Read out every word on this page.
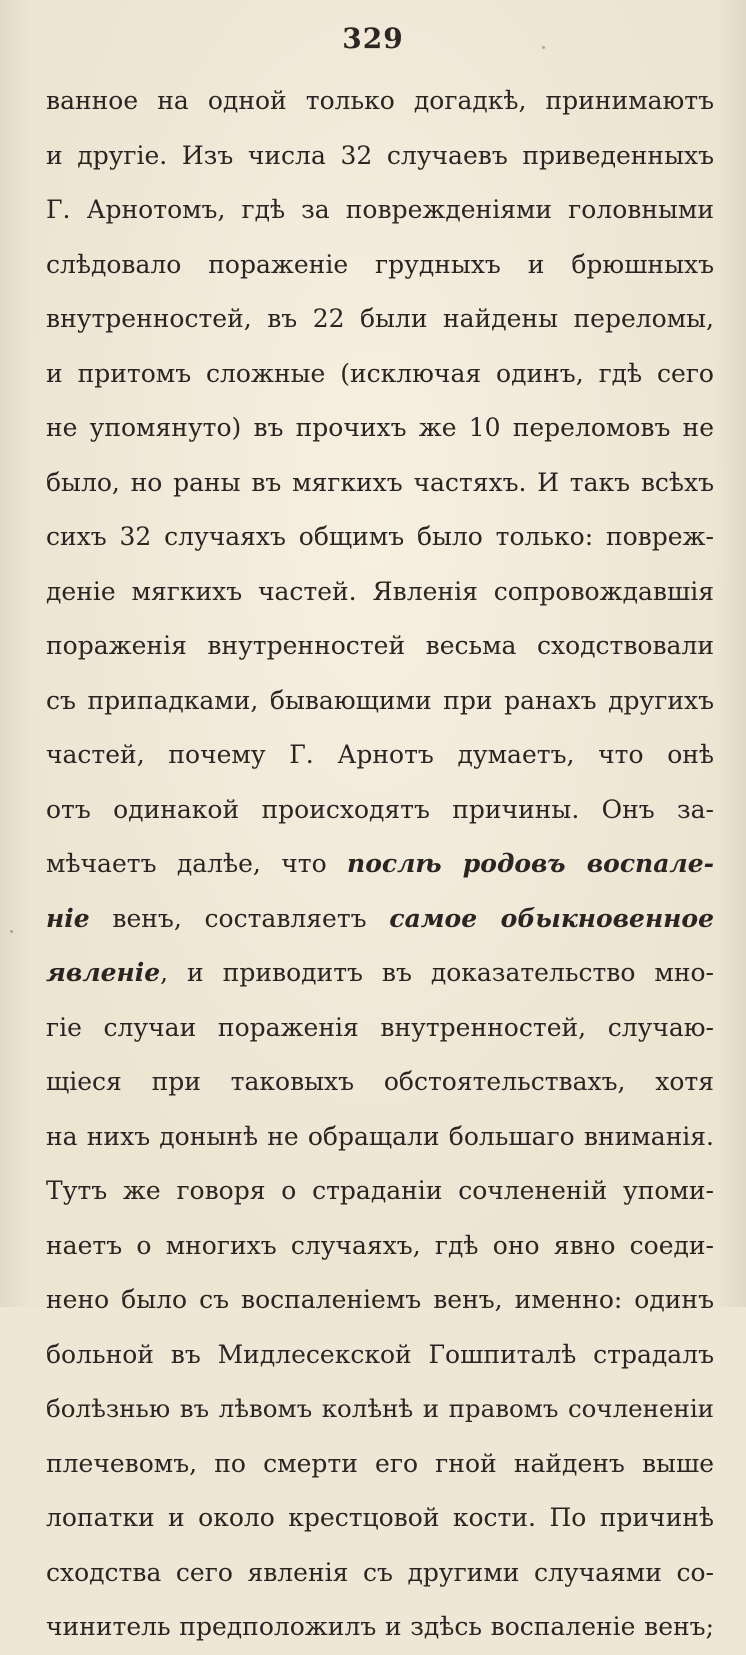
329
ванное на одной только догадкѣ, принимаютъ
и другіе. Изъ числа 32 случаевъ приведенныхъ
Г. Арнотомъ, гдѣ за поврежденіями головными
слѣдовало пораженіе грудныхъ и брюшныхъ
внутренностей, въ 22 были найдены переломы,
и притомъ сложные (исключая одинъ, гдѣ сего
не упомянуто) въ прочихъ же 10 переломовъ не
было, но раны въ мягкихъ частяхъ. И такъ всѣхъ
сихъ 32 случаяхъ общимъ было только: повреж-
деніе мягкихъ частей. Явленія сопровождавшія
пораженія внутренностей весьма сходствовали
съ припадками, бывающими при ранахъ другихъ
частей, почему Г. Арнотъ думаетъ, что онѣ
отъ одинакой происходятъ причины. Онъ за-
мѣчаетъ далѣе, что послѣ родовъ воспале-
ніе венъ, составляетъ самое обыкновенное
явленіе, и приводитъ въ доказательство мно-
гіе случаи пораженія внутренностей, случаю-
щіеся при таковыхъ обстоятельствахъ, хотя
на нихъ донынѣ не обращали большаго вниманія.
Тутъ же говоря о страданіи сочлененій упоми-
наетъ о многихъ случаяхъ, гдѣ оно явно соеди-
нено было съ воспаленіемъ венъ, именно: одинъ
больной въ Мидлесекской Гошпиталѣ страдалъ
болѣзнью въ лѣвомъ колѣнѣ и правомъ сочлененіи
плечевомъ, по смерти его гной найденъ выше
лопатки и около крестцовой кости. По причинѣ
сходства сего явленія съ другими случаями со-
чинитель предположилъ и здѣсь воспаленіе венъ;
